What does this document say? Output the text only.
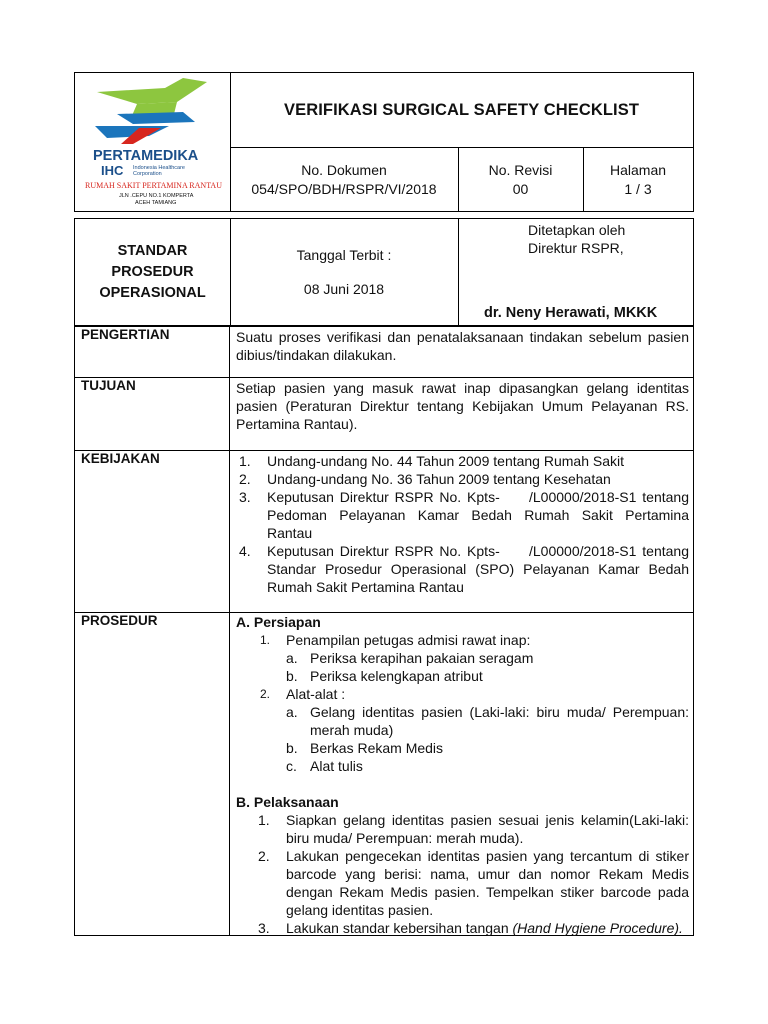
PERTAMEDIKA
IHC Indonesia Healthcare
Corporation
RUMAH SAKIT PERTAMINA RANTAU
JLN .CEPU NO.1 KOMPERTA
ACEH TAMIANG
VERIFIKASI SURGICAL SAFETY CHECKLIST
No. Dokumen
054/SPO/BDH/RSPR/VI/2018
No. Revisi
00
Halaman
1 / 3
STANDAR
PROSEDUR
OPERASIONAL
Tanggal Terbit :
08 Juni 2018
Ditetapkan oleh
Direktur RSPR,
dr. Neny Herawati, MKKK
PENGERTIAN	Suatu proses verifikasi dan penatalaksanaan tindakan sebelum pasien
dibius/tindakan dilakukan.
TUJUAN	Setiap pasien yang masuk rawat inap dipasangkan gelang identitas
pasien (Peraturan Direktur tentang Kebijakan Umum Pelayanan RS.
Pertamina Rantau).
KEBIJAKAN	1. Undang-undang No. 44 Tahun 2009 tentang Rumah Sakit
2. Undang-undang No. 36 Tahun 2009 tentang Kesehatan
3. Keputusan Direktur RSPR No. Kpts-     /L00000/2018-S1 tentang
Pedoman Pelayanan Kamar Bedah Rumah Sakit Pertamina
Rantau
4. Keputusan Direktur RSPR No. Kpts-     /L00000/2018-S1 tentang
Standar Prosedur Operasional (SPO) Pelayanan Kamar Bedah
Rumah Sakit Pertamina Rantau
PROSEDUR	A. Persiapan
1. Penampilan petugas admisi rawat inap:
a. Periksa kerapihan pakaian seragam
b. Periksa kelengkapan atribut
2. Alat-alat :
a. Gelang identitas pasien (Laki-laki: biru muda/ Perempuan:
merah muda)
b. Berkas Rekam Medis
c. Alat tulis
B. Pelaksanaan
1. Siapkan gelang identitas pasien sesuai jenis kelamin(Laki-laki:
biru muda/ Perempuan: merah muda).
2. Lakukan pengecekan identitas pasien yang tercantum di stiker
barcode yang berisi: nama, umur dan nomor Rekam Medis
dengan Rekam Medis pasien. Tempelkan stiker barcode pada
gelang identitas pasien.
3. Lakukan standar kebersihan tangan (Hand Hygiene Procedure).
